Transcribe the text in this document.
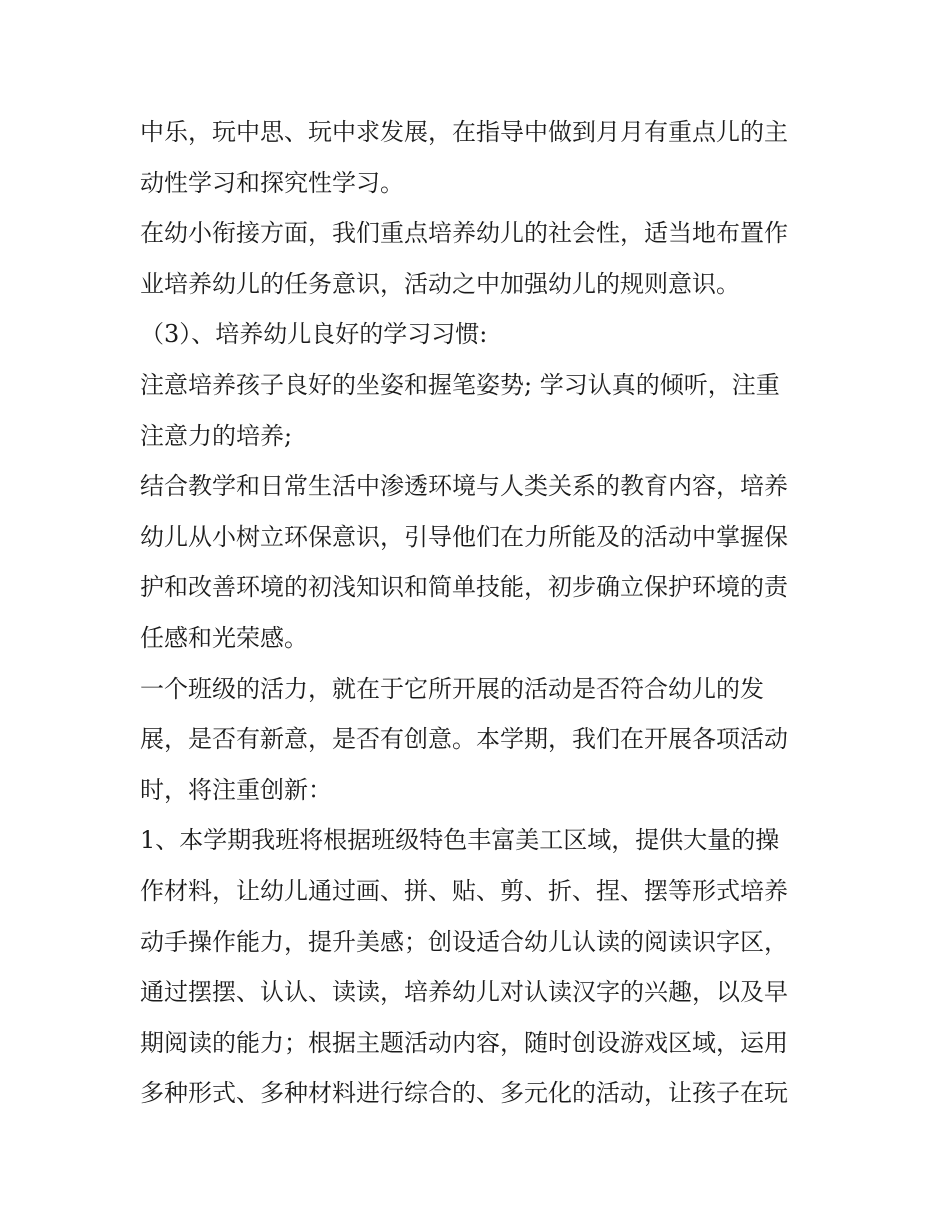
中乐，玩中思、玩中求发展，在指导中做到月月有重点儿的主
动性学习和探究性学习。
在幼小衔接方面，我们重点培养幼儿的社会性，适当地布置作
业培养幼儿的任务意识，活动之中加强幼儿的规则意识。
（3）、培养幼儿良好的学习习惯:
注意培养孩子良好的坐姿和握笔姿势; 学习认真的倾听，注重
注意力的培养;
结合教学和日常生活中渗透环境与人类关系的教育内容，培养
幼儿从小树立环保意识，引导他们在力所能及的活动中掌握保
护和改善环境的初浅知识和简单技能，初步确立保护环境的责
任感和光荣感。
一个班级的活力，就在于它所开展的活动是否符合幼儿的发
展，是否有新意，是否有创意。本学期，我们在开展各项活动
时，将注重创新：
1、本学期我班将根据班级特色丰富美工区域，提供大量的操
作材料，让幼儿通过画、拼、贴、剪、折、捏、摆等形式培养
动手操作能力，提升美感；创设适合幼儿认读的阅读识字区，
通过摆摆、认认、读读，培养幼儿对认读汉字的兴趣，以及早
期阅读的能力；根据主题活动内容，随时创设游戏区域，运用
多种形式、多种材料进行综合的、多元化的活动，让孩子在玩
